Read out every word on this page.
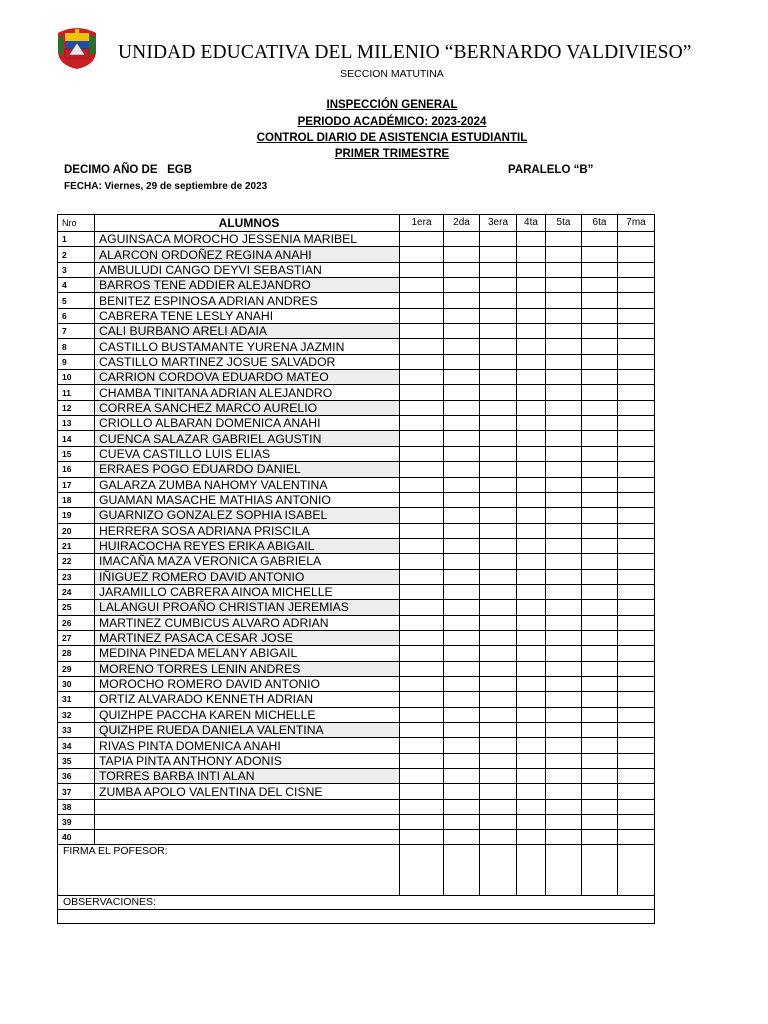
UNIDAD EDUCATIVA DEL MILENIO “BERNARDO VALDIVIESO”
SECCION MATUTINA
INSPECCIÓN GENERAL
PERIODO ACADÉMICO: 2023-2024
CONTROL DIARIO DE ASISTENCIA ESTUDIANTIL
PRIMER TRIMESTRE
DECIMO AÑO DE   EGB	PARALELO “B”
FECHA: Viernes, 29 de septiembre de 2023
Nro	ALUMNOS	1era	2da	3era	4ta	5ta	6ta	7ma
1	AGUINSACA MOROCHO JESSENIA MARIBEL							
2	ALARCON ORDOÑEZ REGINA ANAHI							
3	AMBULUDI CANGO DEYVI SEBASTIAN							
4	BARROS TENE ADDIER ALEJANDRO							
5	BENITEZ ESPINOSA ADRIAN ANDRES							
6	CABRERA TENE LESLY ANAHI							
7	CALI BURBANO ARELI ADAIA							
8	CASTILLO BUSTAMANTE YURENA JAZMIN							
9	CASTILLO MARTINEZ JOSUE SALVADOR							
10	CARRION CORDOVA EDUARDO MATEO							
11	CHAMBA TINITANA ADRIAN ALEJANDRO							
12	CORREA SANCHEZ MARCO AURELIO							
13	CRIOLLO ALBARAN DOMENICA ANAHI							
14	CUENCA SALAZAR GABRIEL AGUSTIN							
15	CUEVA CASTILLO LUIS ELIAS							
16	ERRAES POGO EDUARDO DANIEL							
17	GALARZA ZUMBA NAHOMY VALENTINA							
18	GUAMAN MASACHE MATHIAS ANTONIO							
19	GUARNIZO GONZALEZ SOPHIA ISABEL							
20	HERRERA SOSA ADRIANA PRISCILA							
21	HUIRACOCHA REYES ERIKA ABIGAIL							
22	IMACAÑA MAZA VERONICA GABRIELA							
23	IÑIGUEZ ROMERO DAVID ANTONIO							
24	JARAMILLO CABRERA AINOA MICHELLE							
25	LALANGUI PROAÑO CHRISTIAN JEREMIAS							
26	MARTINEZ CUMBICUS ALVARO ADRIAN							
27	MARTINEZ PASACA CESAR JOSE							
28	MEDINA PINEDA MELANY ABIGAIL							
29	MORENO TORRES LENIN ANDRES							
30	MOROCHO ROMERO DAVID ANTONIO							
31	ORTIZ ALVARADO KENNETH ADRIAN							
32	QUIZHPE PACCHA KAREN MICHELLE							
33	QUIZHPE RUEDA DANIELA VALENTINA							
34	RIVAS PINTA DOMENICA ANAHI							
35	TAPIA PINTA ANTHONY ADONIS							
36	TORRES BARBA INTI ALAN							
37	ZUMBA APOLO VALENTINA DEL CISNE							
38								
39								
40								
FIRMA EL POFESOR:								
OBSERVACIONES:								
